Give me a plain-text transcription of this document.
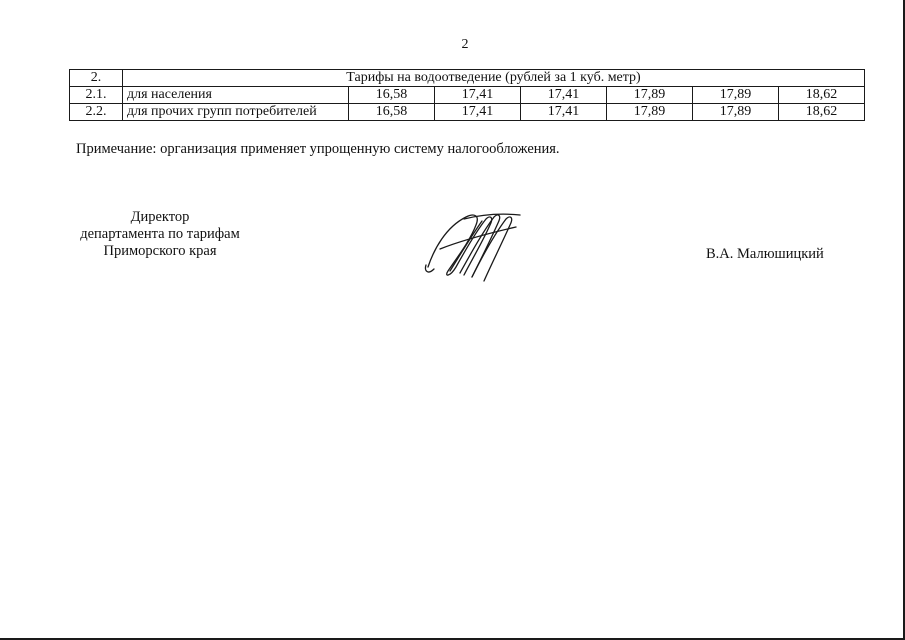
2
2.	Тарифы на водоотведение (рублей за 1 куб. метр)						
2.1.	для населения	16,58	17,41	17,41	17,89	17,89	18,62
2.2.	для прочих групп потребителей	16,58	17,41	17,41	17,89	17,89	18,62
Примечание: организация применяет упрощенную систему налогообложения.
Директор
департамента по тарифам
Приморского края	В.А. Малюшицкий
